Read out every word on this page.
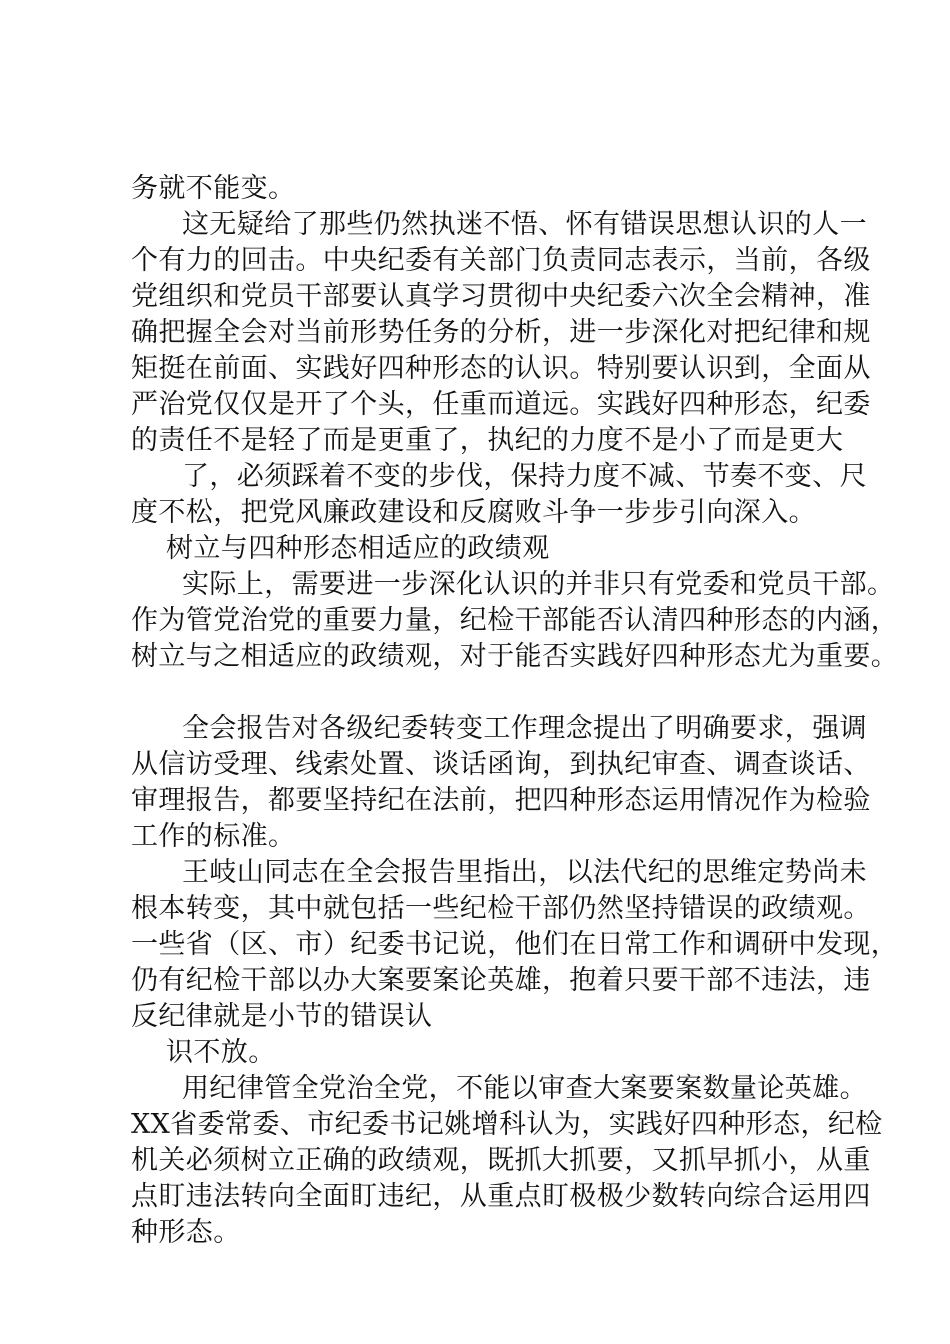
务就不能变。
这无疑给了那些仍然执迷不悟、怀有错误思想认识的人一
个有力的回击。中央纪委有关部门负责同志表示，当前，各级
党组织和党员干部要认真学习贯彻中央纪委六次全会精神，准
确把握全会对当前形势任务的分析，进一步深化对把纪律和规
矩挺在前面、实践好四种形态的认识。特别要认识到，全面从
严治党仅仅是开了个头，任重而道远。实践好四种形态，纪委
的责任不是轻了而是更重了，执纪的力度不是小了而是更大
了，必须踩着不变的步伐，保持力度不减、节奏不变、尺
度不松，把党风廉政建设和反腐败斗争一步步引向深入。
树立与四种形态相适应的政绩观
实际上，需要进一步深化认识的并非只有党委和党员干部。
作为管党治党的重要力量，纪检干部能否认清四种形态的内涵，
树立与之相适应的政绩观，对于能否实践好四种形态尤为重要。
全会报告对各级纪委转变工作理念提出了明确要求，强调
从信访受理、线索处置、谈话函询，到执纪审查、调查谈话、
审理报告，都要坚持纪在法前，把四种形态运用情况作为检验
工作的标准。
王岐山同志在全会报告里指出，以法代纪的思维定势尚未
根本转变，其中就包括一些纪检干部仍然坚持错误的政绩观。
一些省（区、市）纪委书记说，他们在日常工作和调研中发现，
仍有纪检干部以办大案要案论英雄，抱着只要干部不违法，违
反纪律就是小节的错误认
识不放。
用纪律管全党治全党，不能以审查大案要案数量论英雄。
XX省委常委、市纪委书记姚增科认为，实践好四种形态，纪检
机关必须树立正确的政绩观，既抓大抓要，又抓早抓小，从重
点盯违法转向全面盯违纪，从重点盯极极少数转向综合运用四
种形态。
